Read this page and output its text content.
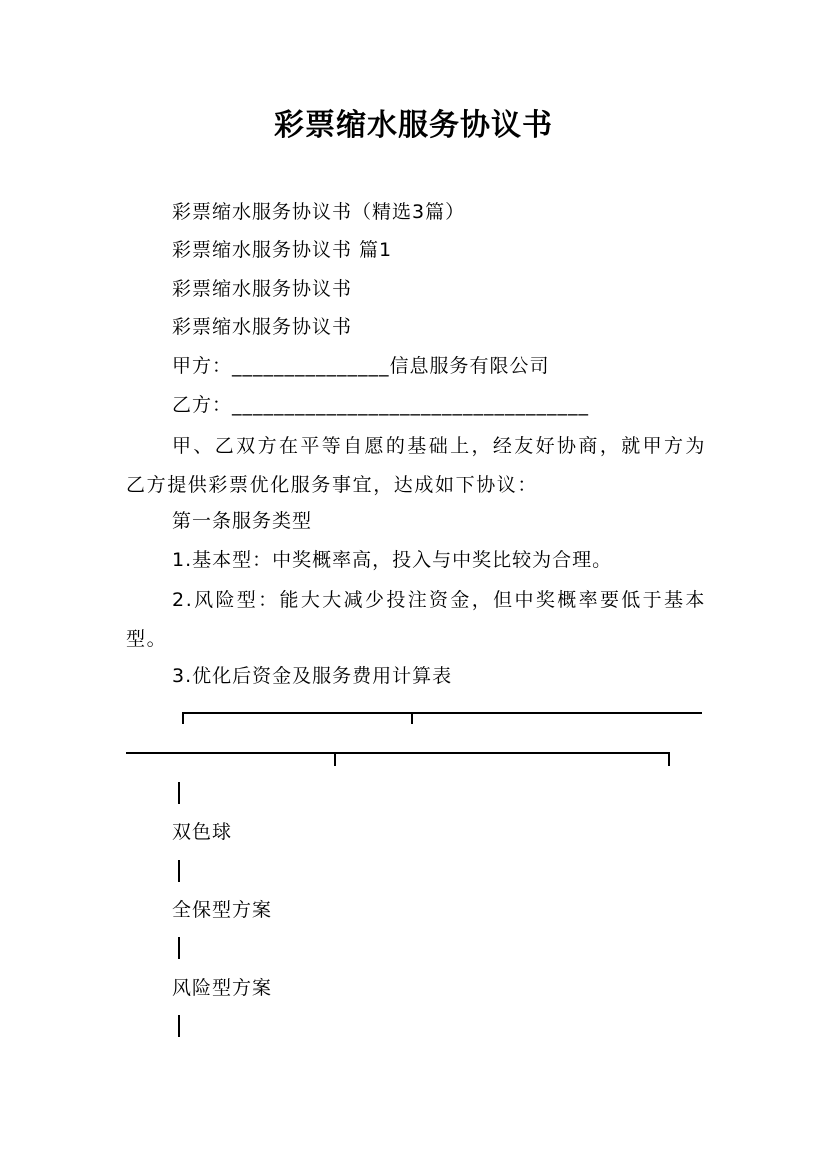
彩票缩水服务协议书
彩票缩水服务协议书（精选3篇）
彩票缩水服务协议书 篇1
彩票缩水服务协议书
彩票缩水服务协议书
甲方：_______________信息服务有限公司
乙方：__________________________________
甲、乙双方在平等自愿的基础上，经友好协商，就甲方为乙方提供彩票优化服务事宜，达成如下协议：
第一条服务类型
1.基本型：中奖概率高，投入与中奖比较为合理。
2.风险型：能大大减少投注资金，但中奖概率要低于基本型。
3.优化后资金及服务费用计算表
双色球
全保型方案
风险型方案
